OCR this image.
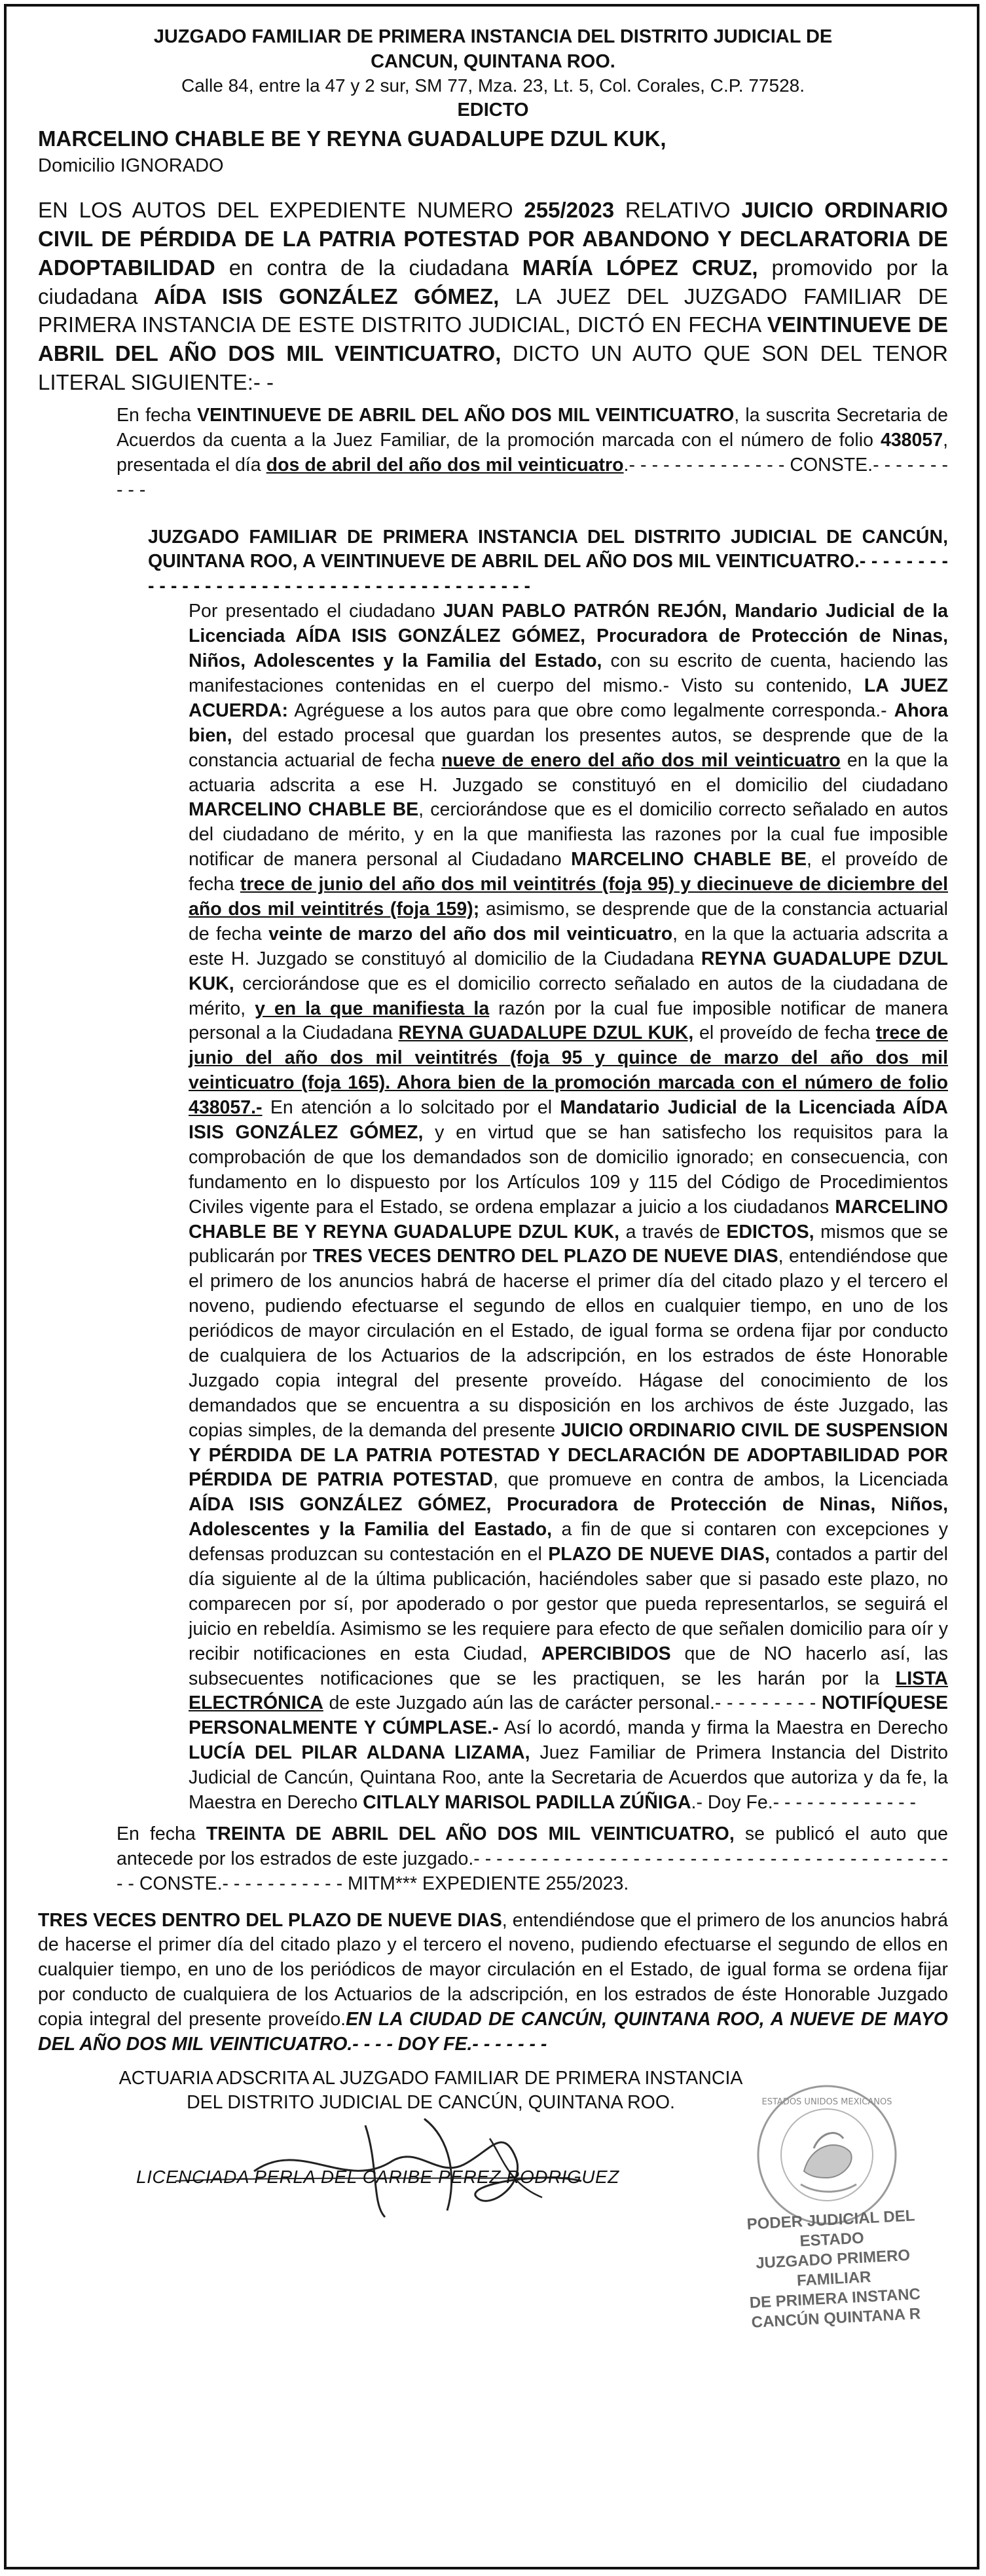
JUZGADO FAMILIAR DE PRIMERA INSTANCIA DEL DISTRITO JUDICIAL DE
CANCUN, QUINTANA ROO.

Calle 84, entre la 47 y 2 sur, SM 77, Mza. 23, Lt. 5, Col. Corales, C.P. 77528.

EDICTO

MARCELINO CHABLE BE Y REYNA GUADALUPE DZUL KUK,

Domicilio IGNORADO

EN LOS AUTOS DEL EXPEDIENTE NUMERO 255/2023 RELATIVO JUICIO ORDINARIO CIVIL DE PÉRDIDA DE LA PATRIA POTESTAD POR ABANDONO Y DECLARATORIA DE ADOPTABILIDAD en contra de la ciudadana MARÍA LÓPEZ CRUZ, promovido por la ciudadana AÍDA ISIS GONZÁLEZ GÓMEZ, LA JUEZ DEL JUZGADO FAMILIAR DE PRIMERA INSTANCIA DE ESTE DISTRITO JUDICIAL, DICTÓ EN FECHA VEINTINUEVE DE ABRIL DEL AÑO DOS MIL VEINTICUATRO, DICTO UN AUTO QUE SON DEL TENOR LITERAL SIGUIENTE:- -

En fecha VEINTINUEVE DE ABRIL DEL AÑO DOS MIL VEINTICUATRO, la suscrita Secretaria de Acuerdos da cuenta a la Juez Familiar, de la promoción marcada con el número de folio 438057, presentada el día dos de abril del año dos mil veinticuatro.- - - - - - - - - - - - - - CONSTE.- - - - - - - - - -

JUZGADO FAMILIAR DE PRIMERA INSTANCIA DEL DISTRITO JUDICIAL DE CANCÚN, QUINTANA ROO, A VEINTINUEVE DE ABRIL DEL AÑO DOS MIL VEINTICUATRO.- - - - - - - - - - - - - - - - - - - - - - - - - - - - - - - - - - - - - - - - - -

Por presentado el ciudadano JUAN PABLO PATRÓN REJÓN, Mandario Judicial de la Licenciada AÍDA ISIS GONZÁLEZ GÓMEZ, Procuradora de Protección de Ninas, Niños, Adolescentes y la Familia del Estado, con su escrito de cuenta, haciendo las manifestaciones contenidas en el cuerpo del mismo.- Visto su contenido, LA JUEZ ACUERDA: Agréguese a los autos para que obre como legalmente corresponda.- Ahora bien, del estado procesal que guardan los presentes autos, se desprende que de la constancia actuarial de fecha nueve de enero del año dos mil veinticuatro en la que la actuaria adscrita a ese H. Juzgado se constituyó en el domicilio del ciudadano MARCELINO CHABLE BE, cerciorándose que es el domicilio correcto señalado en autos del ciudadano de mérito, y en la que manifiesta las razones por la cual fue imposible notificar de manera personal al Ciudadano MARCELINO CHABLE BE, el proveído de fecha trece de junio del año dos mil veintitrés (foja 95) y diecinueve de diciembre del año dos mil veintitrés (foja 159); asimismo, se desprende que de la constancia actuarial de fecha veinte de marzo del año dos mil veinticuatro, en la que la actuaria adscrita a este H. Juzgado se constituyó al domicilio de la Ciudadana REYNA GUADALUPE DZUL KUK, cerciorándose que es el domicilio correcto señalado en autos de la ciudadana de mérito, y en la que manifiesta la razón por la cual fue imposible notificar de manera personal a la Ciudadana REYNA GUADALUPE DZUL KUK, el proveído de fecha trece de junio del año dos mil veintitrés (foja 95 y quince de marzo del año dos mil veinticuatro (foja 165). Ahora bien de la promoción marcada con el número de folio 438057.- En atención a lo solcitado por el Mandatario Judicial de la Licenciada AÍDA ISIS GONZÁLEZ GÓMEZ, y en virtud que se han satisfecho los requisitos para la comprobación de que los demandados son de domicilio ignorado; en consecuencia, con fundamento en lo dispuesto por los Artículos 109 y 115 del Código de Procedimientos Civiles vigente para el Estado, se ordena emplazar a juicio a los ciudadanos MARCELINO CHABLE BE Y REYNA GUADALUPE DZUL KUK, a través de EDICTOS, mismos que se publicarán por TRES VECES DENTRO DEL PLAZO DE NUEVE DIAS, entendiéndose que el primero de los anuncios habrá de hacerse el primer día del citado plazo y el tercero el noveno, pudiendo efectuarse el segundo de ellos en cualquier tiempo, en uno de los periódicos de mayor circulación en el Estado, de igual forma se ordena fijar por conducto de cualquiera de los Actuarios de la adscripción, en los estrados de éste Honorable Juzgado copia integral del presente proveído. Hágase del conocimiento de los demandados que se encuentra a su disposición en los archivos de éste Juzgado, las copias simples, de la demanda del presente JUICIO ORDINARIO CIVIL DE SUSPENSION Y PÉRDIDA DE LA PATRIA POTESTAD Y DECLARACIÓN DE ADOPTABILIDAD POR PÉRDIDA DE PATRIA POTESTAD, que promueve en contra de ambos, la Licenciada AÍDA ISIS GONZÁLEZ GÓMEZ, Procuradora de Protección de Ninas, Niños, Adolescentes y la Familia del Eastado, a fin de que si contaren con excepciones y defensas produzcan su contestación en el PLAZO DE NUEVE DIAS, contados a partir del día siguiente al de la última publicación, haciéndoles saber que si pasado este plazo, no comparecen por sí, por apoderado o por gestor que pueda representarlos, se seguirá el juicio en rebeldía. Asimismo se les requiere para efecto de que señalen domicilio para oír y recibir notificaciones en esta Ciudad, APERCIBIDOS que de NO hacerlo así, las subsecuentes notificaciones que se les practiquen, se les harán por la LISTA ELECTRÓNICA de este Juzgado aún las de carácter personal.- - - - - - - - - NOTIFÍQUESE PERSONALMENTE Y CÚMPLASE.- Así lo acordó, manda y firma la Maestra en Derecho LUCÍA DEL PILAR ALDANA LIZAMA, Juez Familiar de Primera Instancia del Distrito Judicial de Cancún, Quintana Roo, ante la Secretaria de Acuerdos que autoriza y da fe, la Maestra en Derecho CITLALY MARISOL PADILLA ZÚÑIGA.- Doy Fe.- - - - - - - - - - - - -

En fecha TREINTA DE ABRIL DEL AÑO DOS MIL VEINTICUATRO, se publicó el auto que antecede por los estrados de este juzgado.- - - - - - - - - - - - - - - - - - - - - - - - - - - - - - - - - - - - - - - - - - - - CONSTE.- - - - - - - - - - - MITM*** EXPEDIENTE 255/2023.

TRES VECES DENTRO DEL PLAZO DE NUEVE DIAS, entendiéndose que el primero de los anuncios habrá de hacerse el primer día del citado plazo y el tercero el noveno, pudiendo efectuarse el segundo de ellos en cualquier tiempo, en uno de los periódicos de mayor circulación en el Estado, de igual forma se ordena fijar por conducto de cualquiera de los Actuarios de la adscripción, en los estrados de éste Honorable Juzgado copia integral del presente proveído.EN LA CIUDAD DE CANCÚN, QUINTANA ROO, A NUEVE DE MAYO DEL AÑO DOS MIL VEINTICUATRO.- - - - DOY FE.- - - - - - -

ACTUARIA ADSCRITA AL JUZGADO FAMILIAR DE PRIMERA INSTANCIA
DEL DISTRITO JUDICIAL DE CANCÚN, QUINTANA ROO.
LICENCIADA PERLA DEL CARIBE PEREZ RODRIGUEZ
ESTADOS UNIDOS MEXICANOS
PODER JUDICIAL DEL ESTADO
JUZGADO PRIMERO
FAMILIAR
DE PRIMERA INSTANC
CANCÚN QUINTANA R
